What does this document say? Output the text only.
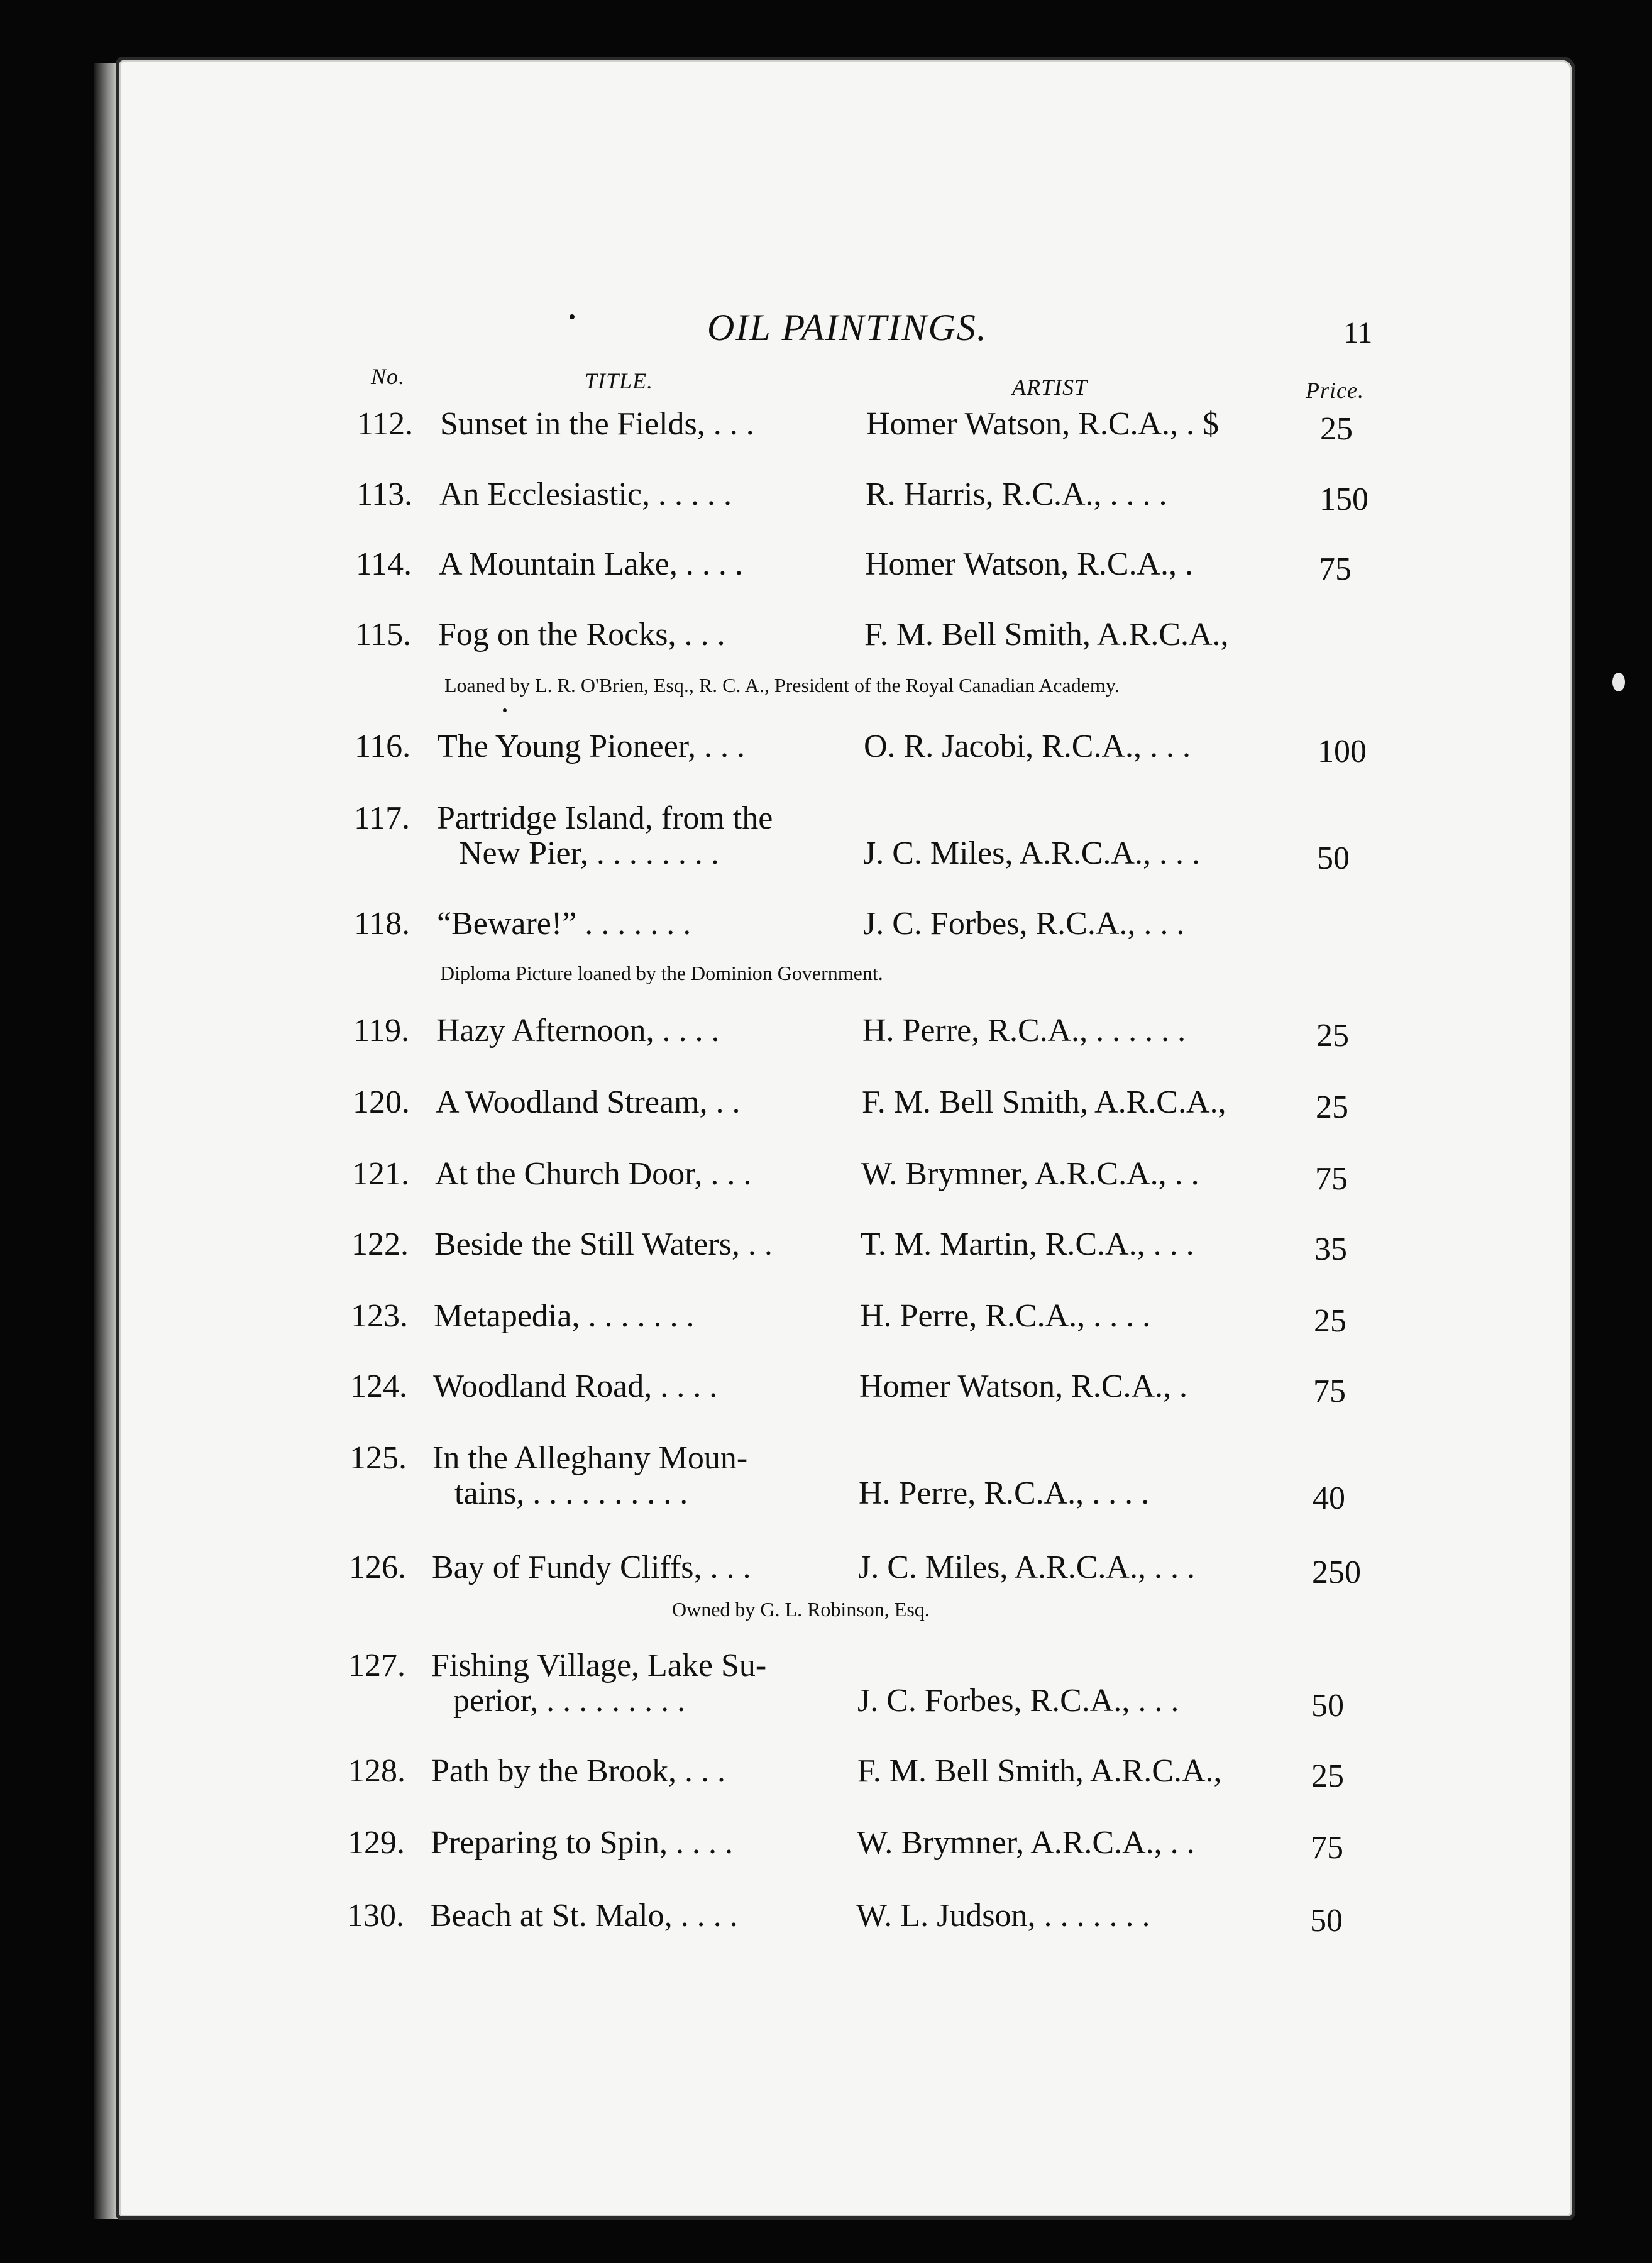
OIL PAINTINGS.	11
No.	TITLE.	ARTIST	Price.
112. Sunset in the Fields, . . .	Homer Watson, R.C.A., . $	25
113. An Ecclesiastic, . . . . .	R. Harris, R.C.A., . . . .	150
114. A Mountain Lake, . . . .	Homer Watson, R.C.A., .	75
115. Fog on the Rocks, . . .	F. M. Bell Smith, A.R.C.A.,
Loaned by L. R. O'Brien, Esq., R. C. A., President of the Royal Canadian Academy.
116. The Young Pioneer, . . .	O. R. Jacobi, R.C.A., . . .	100
117. Partridge Island, from the
New Pier, . . . . . . . .	J. C. Miles, A.R.C.A., . . .	50
118. “Beware!” . . . . . . .	J. C. Forbes, R.C.A., . . .
Diploma Picture loaned by the Dominion Government.
119. Hazy Afternoon, . . . .	H. Perre, R.C.A., . . . . . .	25
120. A Woodland Stream, . .	F. M. Bell Smith, A.R.C.A.,	25
121. At the Church Door, . . .	W. Brymner, A.R.C.A., . .	75
122. Beside the Still Waters, . .	T. M. Martin, R.C.A., . . .	35
123. Metapedia, . . . . . . .	H. Perre, R.C.A., . . . .	25
124. Woodland Road, . . . .	Homer Watson, R.C.A., .	75
125. In the Alleghany Moun-
tains, . . . . . . . . . .	H. Perre, R.C.A., . . . .	40
126. Bay of Fundy Cliffs, . . .	J. C. Miles, A.R.C.A., . . .	250
Owned by G. L. Robinson, Esq.
127. Fishing Village, Lake Su-
perior, . . . . . . . . .	J. C. Forbes, R.C.A., . . .	50
128. Path by the Brook, . . .	F. M. Bell Smith, A.R.C.A.,	25
129. Preparing to Spin, . . . .	W. Brymner, A.R.C.A., . .	75
130. Beach at St. Malo, . . . .	W. L. Judson, . . . . . . .	50
